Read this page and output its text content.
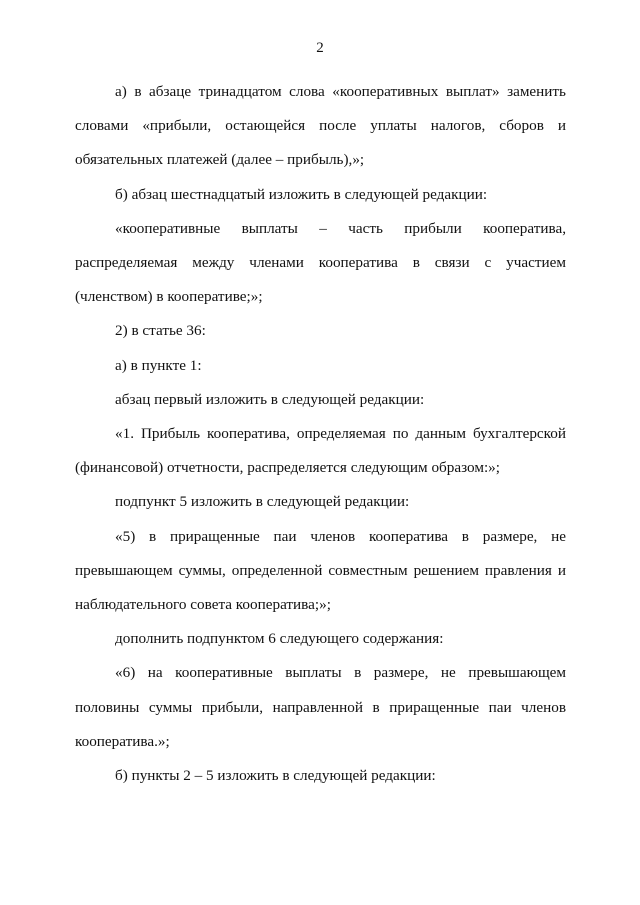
2

а) в абзаце тринадцатом слова «кооперативных выплат» заменить словами «прибыли, остающейся после уплаты налогов, сборов и обязательных платежей (далее – прибыль),»;

б) абзац шестнадцатый изложить в следующей редакции:

«кооперативные выплаты – часть прибыли кооператива, распределяемая между членами кооператива в связи с участием (членством) в кооперативе;»;

2) в статье 36:

а) в пункте 1:

абзац первый изложить в следующей редакции:

«1. Прибыль кооператива, определяемая по данным бухгалтерской (финансовой) отчетности, распределяется следующим образом:»;

подпункт 5 изложить в следующей редакции:

«5) в приращенные паи членов кооператива в размере, не превышающем суммы, определенной совместным решением правления и наблюдательного совета кооператива;»;

дополнить подпунктом 6 следующего содержания:

«6) на кооперативные выплаты в размере, не превышающем половины суммы прибыли, направленной в приращенные паи членов кооператива.»;

б) пункты 2 – 5 изложить в следующей редакции:
